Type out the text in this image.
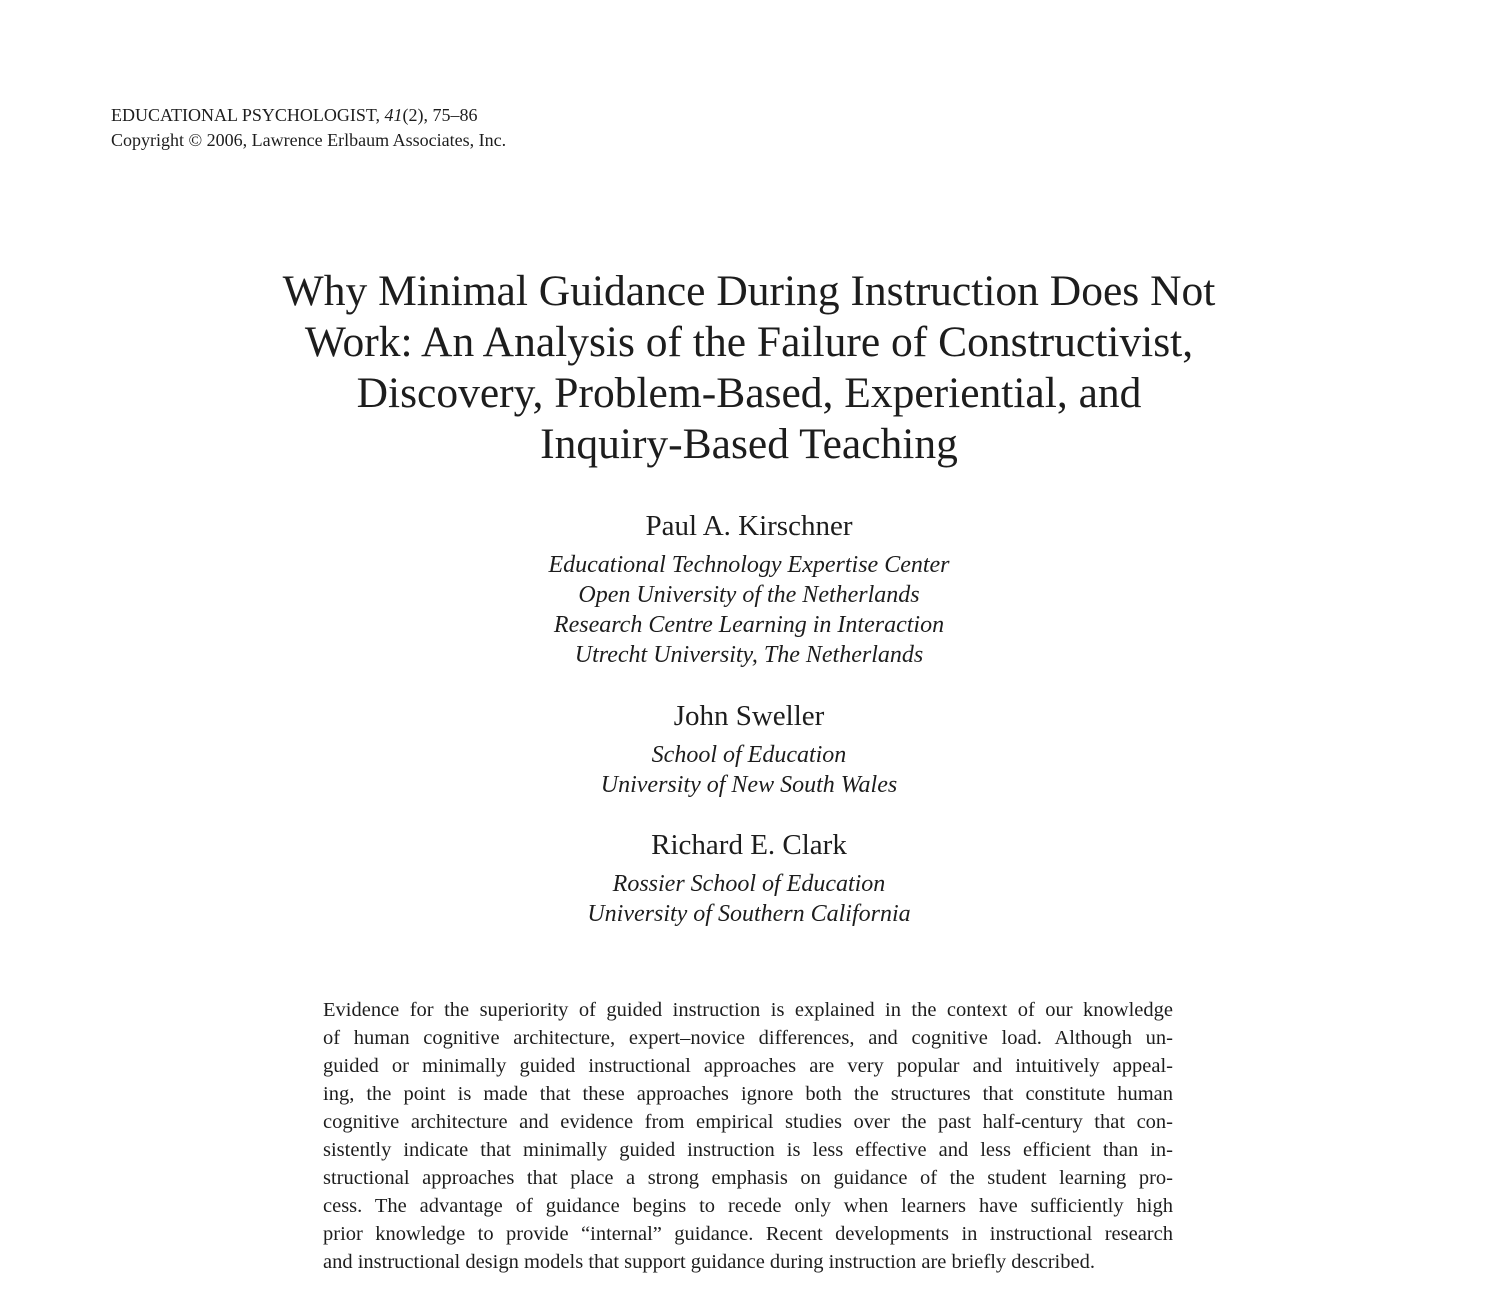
EDUCATIONAL PSYCHOLOGIST, 41(2), 75–86
Copyright © 2006, Lawrence Erlbaum Associates, Inc.
Why Minimal Guidance During Instruction Does Not
Work: An Analysis of the Failure of Constructivist,
Discovery, Problem-Based, Experiential, and
Inquiry-Based Teaching
Paul A. Kirschner
Educational Technology Expertise Center
Open University of the Netherlands
Research Centre Learning in Interaction
Utrecht University, The Netherlands
John Sweller
School of Education
University of New South Wales
Richard E. Clark
Rossier School of Education
University of Southern California
Evidence for the superiority of guided instruction is explained in the context of our knowledge
of human cognitive architecture, expert–novice differences, and cognitive load. Although un-
guided or minimally guided instructional approaches are very popular and intuitively appeal-
ing, the point is made that these approaches ignore both the structures that constitute human
cognitive architecture and evidence from empirical studies over the past half-century that con-
sistently indicate that minimally guided instruction is less effective and less efficient than in-
structional approaches that place a strong emphasis on guidance of the student learning pro-
cess. The advantage of guidance begins to recede only when learners have sufficiently high
prior knowledge to provide “internal” guidance. Recent developments in instructional research
and instructional design models that support guidance during instruction are briefly described.
